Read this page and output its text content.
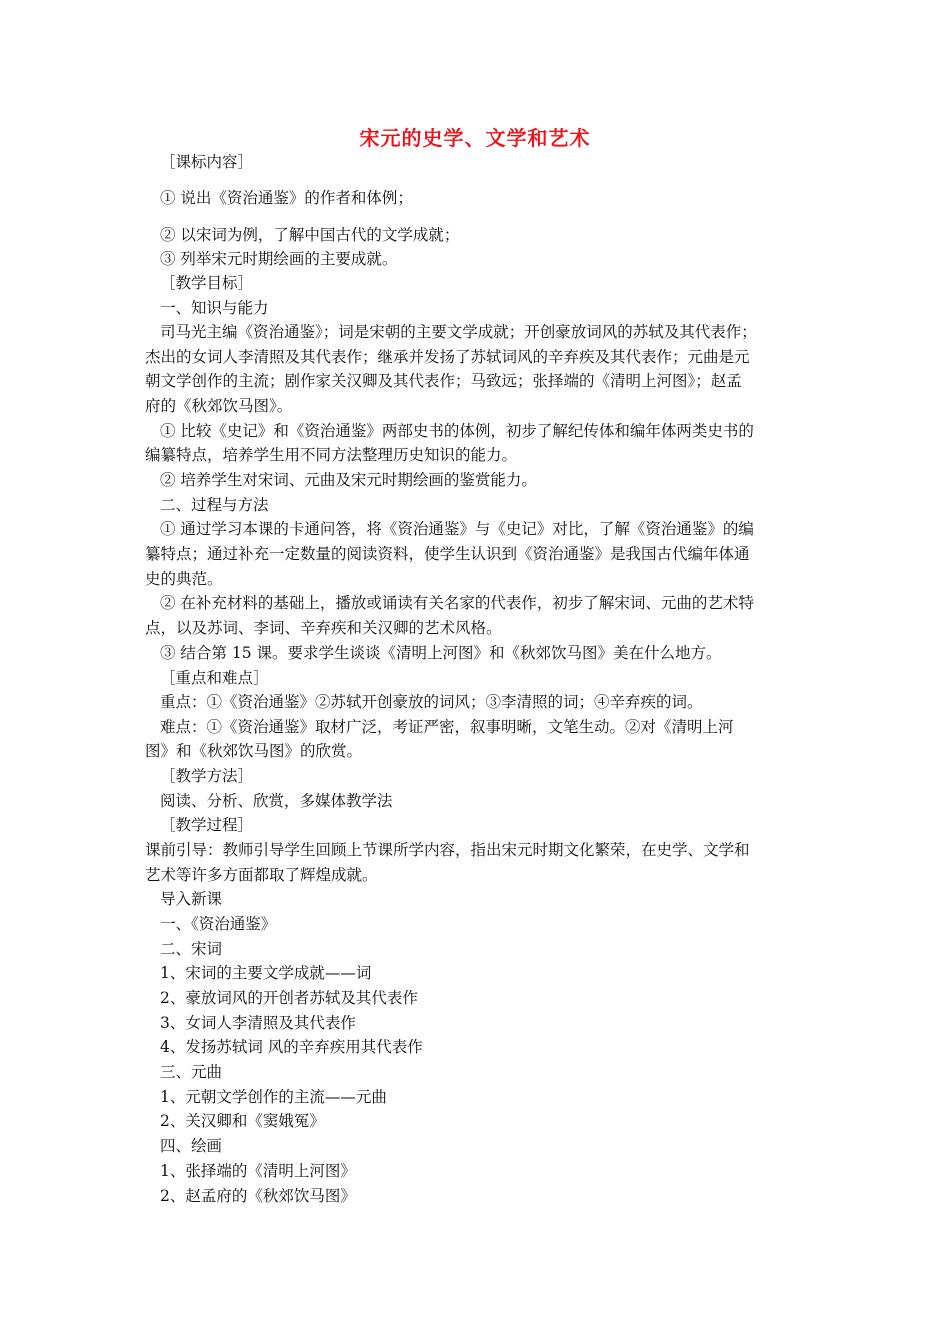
宋元的史学、文学和艺术
［课标内容］
① 说出《资治通鉴》的作者和体例；
② 以宋词为例，了解中国古代的文学成就；
③ 列举宋元时期绘画的主要成就。
［教学目标］
一、知识与能力
司马光主编《资治通鉴》；词是宋朝的主要文学成就；开创豪放词风的苏轼及其代表作；
杰出的女词人李清照及其代表作；继承并发扬了苏轼词风的辛弃疾及其代表作；元曲是元
朝文学创作的主流；剧作家关汉卿及其代表作；马致远；张择端的《清明上河图》；赵孟
府的《秋郊饮马图》。
① 比较《史记》和《资治通鉴》两部史书的体例，初步了解纪传体和编年体两类史书的
编纂特点，培养学生用不同方法整理历史知识的能力。
② 培养学生对宋词、元曲及宋元时期绘画的鉴赏能力。
二、过程与方法
① 通过学习本课的卡通问答，将《资治通鉴》与《史记》对比，了解《资治通鉴》的编
纂特点；通过补充一定数量的阅读资料，使学生认识到《资治通鉴》是我国古代编年体通
史的典范。
② 在补充材料的基础上，播放或诵读有关名家的代表作，初步了解宋词、元曲的艺术特
点，以及苏词、李词、辛弃疾和关汉卿的艺术风格。
③ 结合第 15 课。要求学生谈谈《清明上河图》和《秋郊饮马图》美在什么地方。
［重点和难点］
重点：①《资治通鉴》②苏轼开创豪放的词风；③李清照的词；④辛弃疾的词。
难点：①《资治通鉴》取材广泛，考证严密，叙事明晰，文笔生动。②对《清明上河
图》和《秋郊饮马图》的欣赏。
［教学方法］
阅读、分析、欣赏，多媒体教学法
［教学过程］
课前引导：教师引导学生回顾上节课所学内容，指出宋元时期文化繁荣，在史学、文学和
艺术等许多方面都取了辉煌成就。
导入新课
一、《资治通鉴》
二、宋词
1、宋词的主要文学成就——词
2、豪放词风的开创者苏轼及其代表作
3、女词人李清照及其代表作
4、发扬苏轼词 风的辛弃疾用其代表作
三、元曲
1、元朝文学创作的主流——元曲
2、关汉卿和《窦娥冤》
四、绘画
1、张择端的《清明上河图》
2、赵孟府的《秋郊饮马图》
